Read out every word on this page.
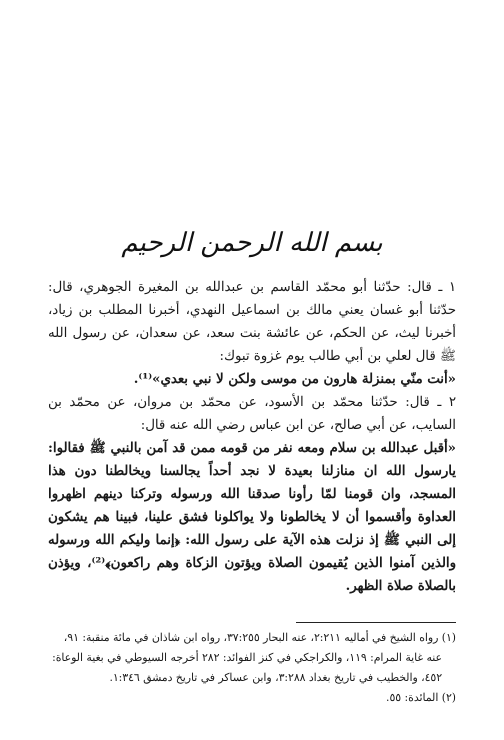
بسم الله الرحمن الرحيم

١ ـ قال: حدّثنا أبو محمّد القاسم بن عبدالله بن المغيرة الجوهري، قال: حدّثنا أبو غسان يعني مالك بن اسماعيل النهدي، أخبرنا المطلب بن زياد، أخبرنا ليث، عن الحكم، عن عائشة بنت سعد، عن سعدان، عن رسول الله ﷺ قال لعلي بن أبي طالب يوم غزوة تبوك:

«أنت منّي بمنزلة هارون من موسى ولكن لا نبي بعدي»⁽¹⁾.

٢ ـ قال: حدّثنا محمّد بن الأسود، عن محمّد بن مروان، عن محمّد بن السايب، عن أبي صالح، عن ابن عباس رضي الله عنه قال:

«أقبل عبدالله بن سلام ومعه نفر من قومه ممن قد آمن بالنبي ﷺ فقالوا: يارسول الله ان منازلنا بعيدة لا نجد أحداً يجالسنا ويخالطنا دون هذا المسجد، وان قومنا لمّا رأونا صدقنا الله ورسوله وتركنا دينهم اظهروا العداوة وأقسموا أن لا يخالطونا ولا يواكلونا فشق علينا، فبينا هم يشكون إلى النبي ﷺ إذ نزلت هذه الآية على رسول الله: ﴿إنما وليكم الله ورسوله والذين آمنوا الذين يُقيمون الصلاة ويؤتون الزكاة وهم راكعون﴾⁽²⁾، ويؤذن بالصلاة صلاة الظهر.

(١) رواه الشيخ في أماليه ٢:٢١١، عنه البحار ٣٧:٢٥٥، رواه ابن شاذان في مائة منقبة: ٩١،

عنه غاية المرام: ١١٩، والكراجكي في كنز الفوائد: ٢٨٢ أخرجه السيوطي في بغية الوعاة:

٤٥٢، والخطيب في تاريخ بغداد ٣:٢٨٨، وابن عساكر في تاريخ دمشق ١:٣٤٦.

(٢) المائدة: ٥٥.
